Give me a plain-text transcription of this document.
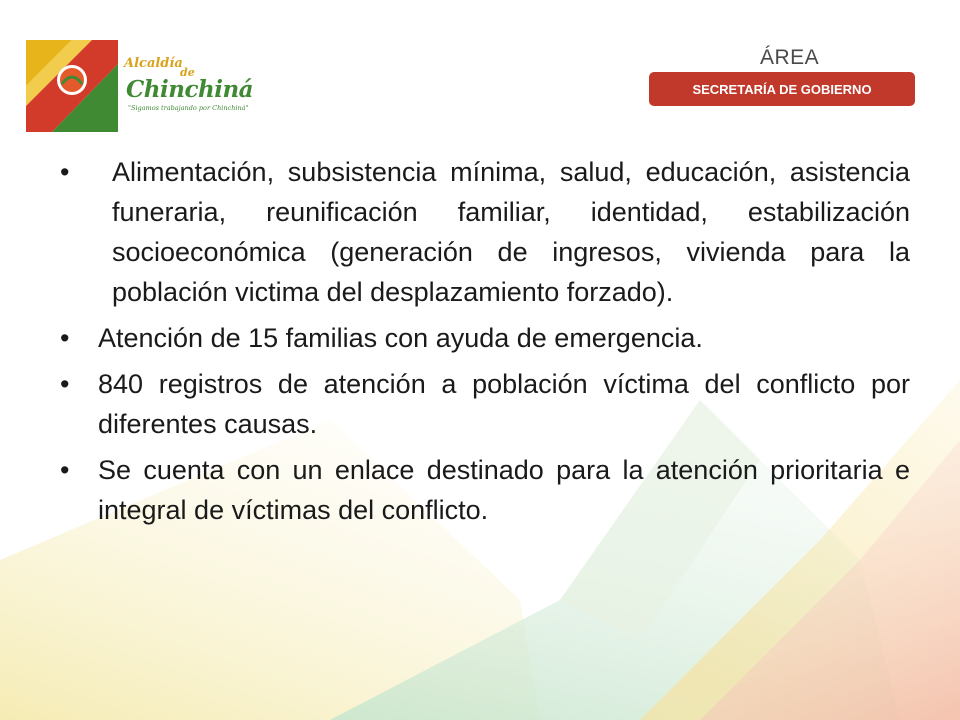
Alcaldía
de
Chinchiná
"Sigamos trabajando por Chinchiná"
ÁREA
SECRETARÍA DE GOBIERNO
• Alimentación, subsistencia mínima, salud, educación, asistencia funeraria, reunificación familiar, identidad, estabilización socioeconómica (generación de ingresos, vivienda para la población victima del desplazamiento forzado).
• Atención de 15 familias con ayuda de emergencia.
• 840 registros de atención a población víctima del conflicto por diferentes causas.
• Se cuenta con un enlace destinado para la atención prioritaria e integral de víctimas del conflicto.
